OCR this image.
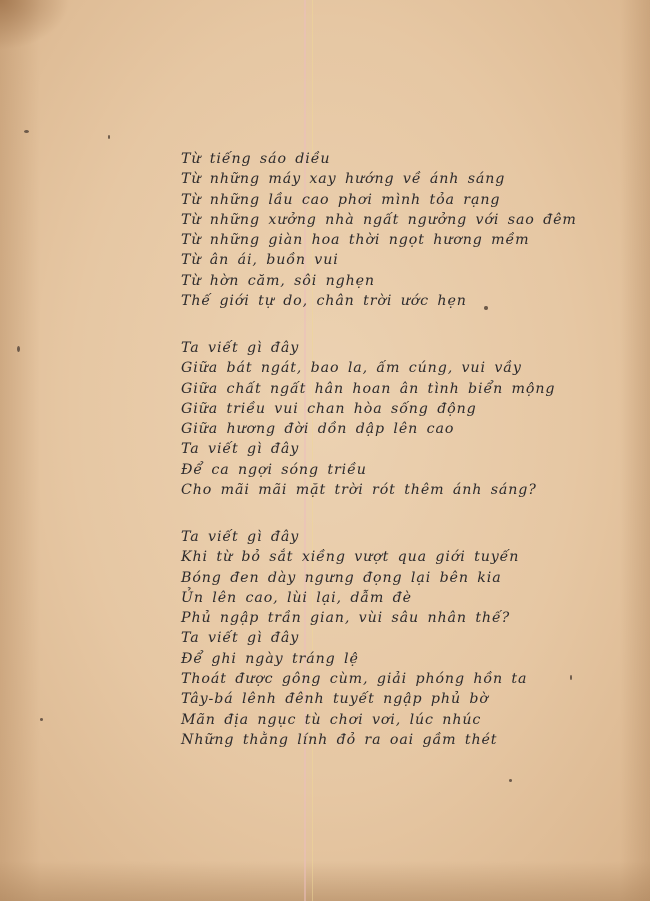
Từ tiếng sáo diều
Từ những máy xay hướng về ánh sáng
Từ những lầu cao phơi mình tỏa rạng
Từ những xưởng nhà ngất ngưởng với sao đêm
Từ những giàn hoa thời ngọt hương mềm
Từ ân ái, buồn vui
Từ hờn căm, sôi nghẹn
Thế giới tự do, chân trời ước hẹn
Ta viết gì đây
Giữa bát ngát, bao la, ấm cúng, vui vầy
Giữa chất ngất hân hoan ân tình biển mộng
Giữa triều vui chan hòa sống động
Giữa hương đời dồn dập lên cao
Ta viết gì đây
Để ca ngợi sóng triều
Cho mãi mãi mặt trời rót thêm ánh sáng?
Ta viết gì đây
Khi từ bỏ sắt xiềng vượt qua giới tuyến
Bóng đen dày ngưng đọng lại bên kia
Ủn lên cao, lùi lại, dẫm đè
Phủ ngập trần gian, vùi sâu nhân thế?
Ta viết gì đây
Để ghi ngày tráng lệ
Thoát được gông cùm, giải phóng hồn ta
Tây-bá lênh đênh tuyết ngập phủ bờ
Mãn địa ngục tù chơi vơi, lúc nhúc
Những thằng lính đỏ ra oai gầm thét
